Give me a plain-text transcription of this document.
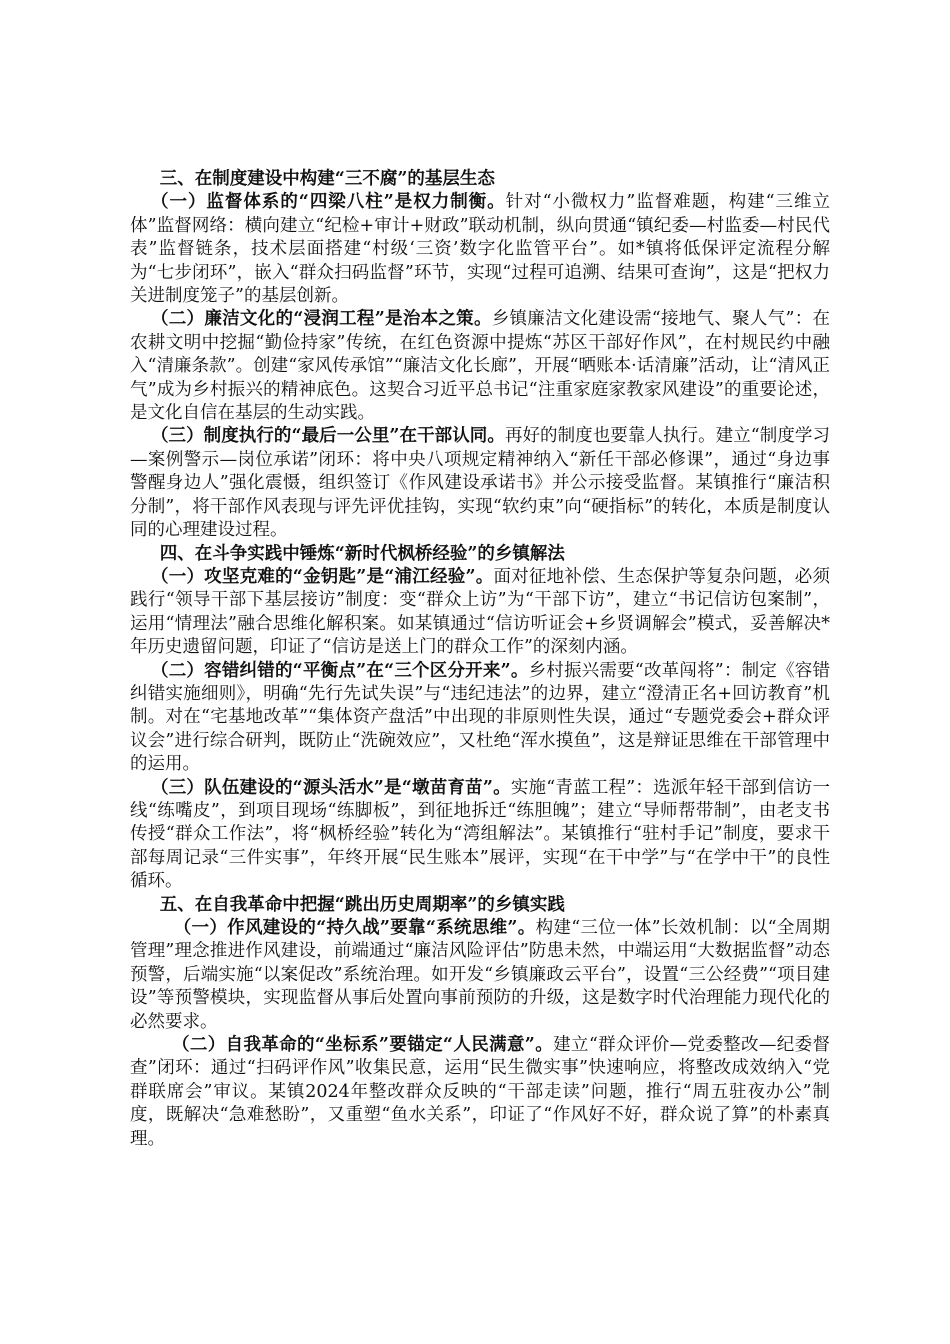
三、在制度建设中构建“三不腐”的基层生态

（一）监督体系的“四梁八柱”是权力制衡。针对“小微权力”监督难题，构建“三维立体”监督网络：横向建立“纪检+审计+财政”联动机制，纵向贯通“镇纪委—村监委—村民代表”监督链条，技术层面搭建“村级‘三资’数字化监管平台”。如*镇将低保评定流程分解为“七步闭环”，嵌入“群众扫码监督”环节，实现“过程可追溯、结果可查询”，这是“把权力关进制度笼子”的基层创新。

（二）廉洁文化的“浸润工程”是治本之策。乡镇廉洁文化建设需“接地气、聚人气”：在农耕文明中挖掘“勤俭持家”传统，在红色资源中提炼“苏区干部好作风”，在村规民约中融入“清廉条款”。创建“家风传承馆”“廉洁文化长廊”，开展“晒账本·话清廉”活动，让“清风正气”成为乡村振兴的精神底色。这契合习近平总书记“注重家庭家教家风建设”的重要论述，是文化自信在基层的生动实践。

（三）制度执行的“最后一公里”在干部认同。再好的制度也要靠人执行。建立“制度学习—案例警示—岗位承诺”闭环：将中央八项规定精神纳入“新任干部必修课”，通过“身边事警醒身边人”强化震慑，组织签订《作风建设承诺书》并公示接受监督。某镇推行“廉洁积分制”，将干部作风表现与评先评优挂钩，实现“软约束”向“硬指标”的转化，本质是制度认同的心理建设过程。

四、在斗争实践中锤炼“新时代枫桥经验”的乡镇解法

（一）攻坚克难的“金钥匙”是“浦江经验”。面对征地补偿、生态保护等复杂问题，必须践行“领导干部下基层接访”制度：变“群众上访”为“干部下访”，建立“书记信访包案制”，运用“情理法”融合思维化解积案。如某镇通过“信访听证会+乡贤调解会”模式，妥善解决*年历史遗留问题，印证了“信访是送上门的群众工作”的深刻内涵。

（二）容错纠错的“平衡点”在“三个区分开来”。乡村振兴需要“改革闯将”：制定《容错纠错实施细则》，明确“先行先试失误”与“违纪违法”的边界，建立“澄清正名+回访教育”机制。对在“宅基地改革”“集体资产盘活”中出现的非原则性失误，通过“专题党委会+群众评议会”进行综合研判，既防止“洗碗效应”，又杜绝“浑水摸鱼”，这是辩证思维在干部管理中的运用。

（三）队伍建设的“源头活水”是“墩苗育苗”。实施“青蓝工程”：选派年轻干部到信访一线“练嘴皮”，到项目现场“练脚板”，到征地拆迁“练胆魄”；建立“导师帮带制”，由老支书传授“群众工作法”，将“枫桥经验”转化为“湾组解法”。某镇推行“驻村手记”制度，要求干部每周记录“三件实事”，年终开展“民生账本”展评，实现“在干中学”与“在学中干”的良性循环。

五、在自我革命中把握“跳出历史周期率”的乡镇实践

（一）作风建设的“持久战”要靠“系统思维”。构建“三位一体”长效机制：以“全周期管理”理念推进作风建设，前端通过“廉洁风险评估”防患未然，中端运用“大数据监督”动态预警，后端实施“以案促改”系统治理。如开发“乡镇廉政云平台”，设置“三公经费”“项目建设”等预警模块，实现监督从事后处置向事前预防的升级，这是数字时代治理能力现代化的必然要求。

（二）自我革命的“坐标系”要锚定“人民满意”。建立“群众评价—党委整改—纪委督查”闭环：通过“扫码评作风”收集民意，运用“民生微实事”快速响应，将整改成效纳入“党群联席会”审议。某镇2024年整改群众反映的“干部走读”问题，推行“周五驻夜办公”制度，既解决“急难愁盼”，又重塑“鱼水关系”，印证了“作风好不好，群众说了算”的朴素真理。
